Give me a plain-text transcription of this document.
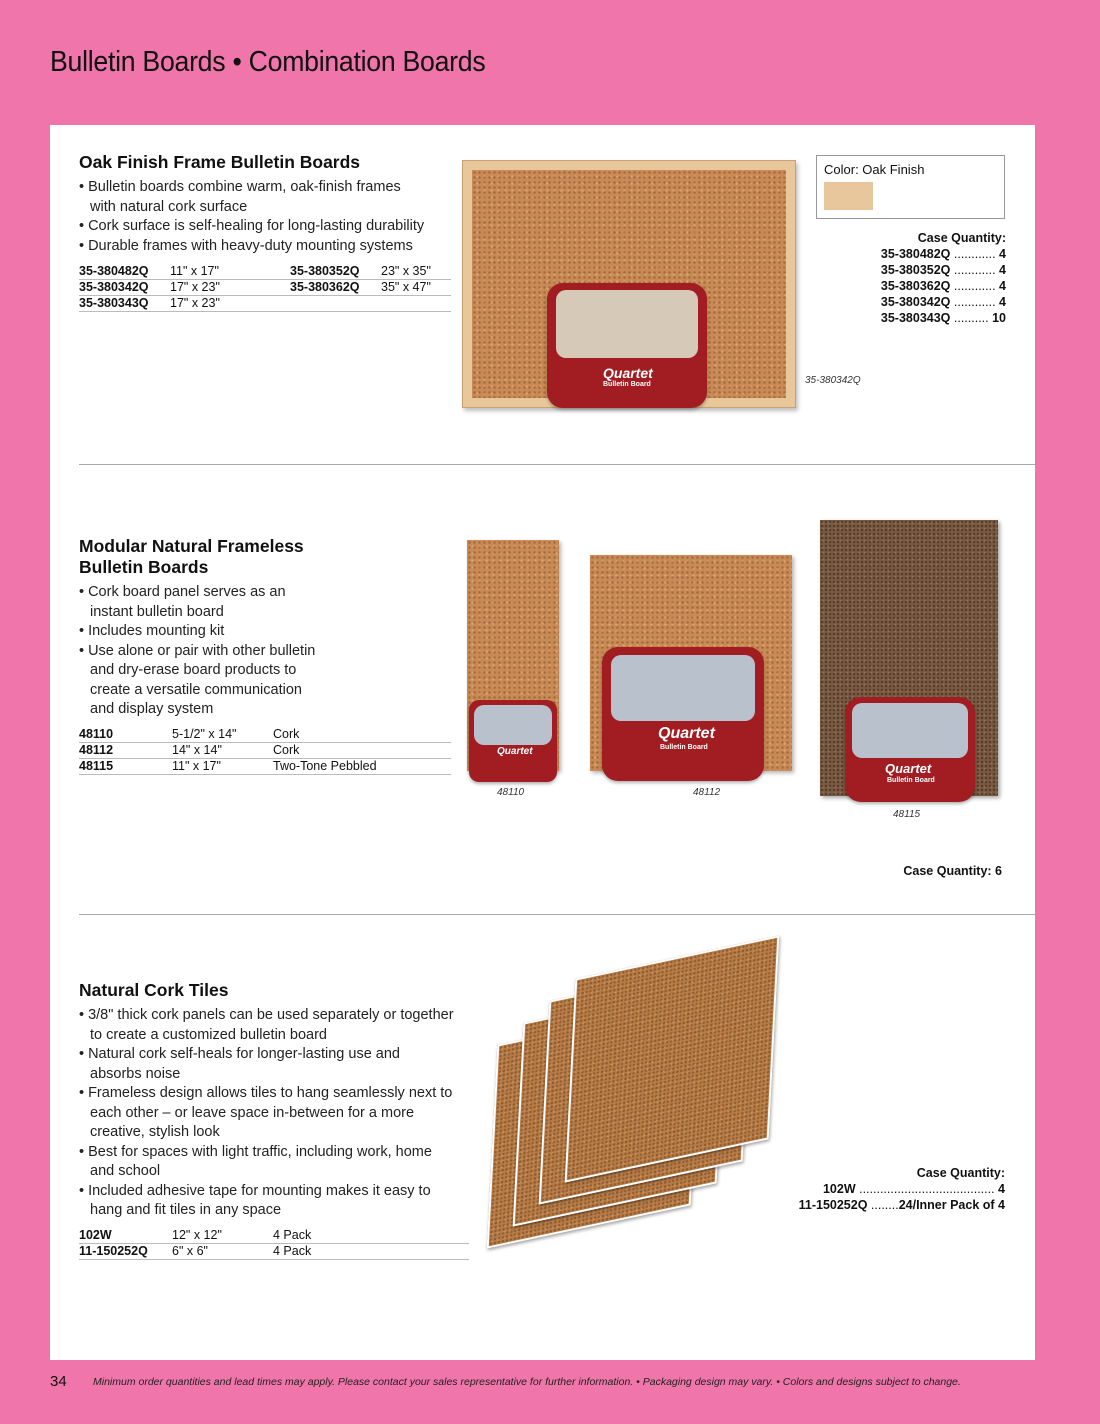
Bulletin Boards • Combination Boards
Oak Finish Frame Bulletin Boards
• Bulletin boards combine warm, oak-finish frames with natural cork surface
• Cork surface is self-healing for long-lasting durability
• Durable frames with heavy-duty mounting systems
35-380482Q	11" x 17"	35-380352Q	23" x 35"
35-380342Q	17" x 23"	35-380362Q	35" x 47"
35-380343Q	17" x 23"		
Quartet
Bulletin Board	35-380342Q
Color: Oak Finish
Case Quantity:
35-380482Q ............ 4
35-380352Q ............ 4
35-380362Q ............ 4
35-380342Q ............ 4
35-380343Q .......... 10
Modular Natural Frameless
Bulletin Boards
• Cork board panel serves as an instant bulletin board
• Includes mounting kit
• Use alone or pair with other bulletin and dry-erase board products to create a versatile communication and display system
48110	5-1/2" x 14"	Cork
48112	14" x 14"	Cork
48115	11" x 17"	Two-Tone Pebbled
Quartet
48110
Quartet
Bulletin Board
48112
Quartet
Bulletin Board
48115
Case Quantity: 6
Natural Cork Tiles
• 3/8" thick cork panels can be used separately or together to create a customized bulletin board
• Natural cork self-heals for longer-lasting use and absorbs noise
• Frameless design allows tiles to hang seamlessly next to each other – or leave space in-between for a more creative, stylish look
• Best for spaces with light traffic, including work, home and school
• Included adhesive tape for mounting makes it easy to hang and fit tiles in any space
102W	12" x 12"	4 Pack
11-150252Q	6" x 6"	4 Pack
Case Quantity:
102W ....................................... 4
11-150252Q ........24/Inner Pack of 4
34	Minimum order quantities and lead times may apply. Please contact your sales representative for further information. • Packaging design may vary. • Colors and designs subject to change.
